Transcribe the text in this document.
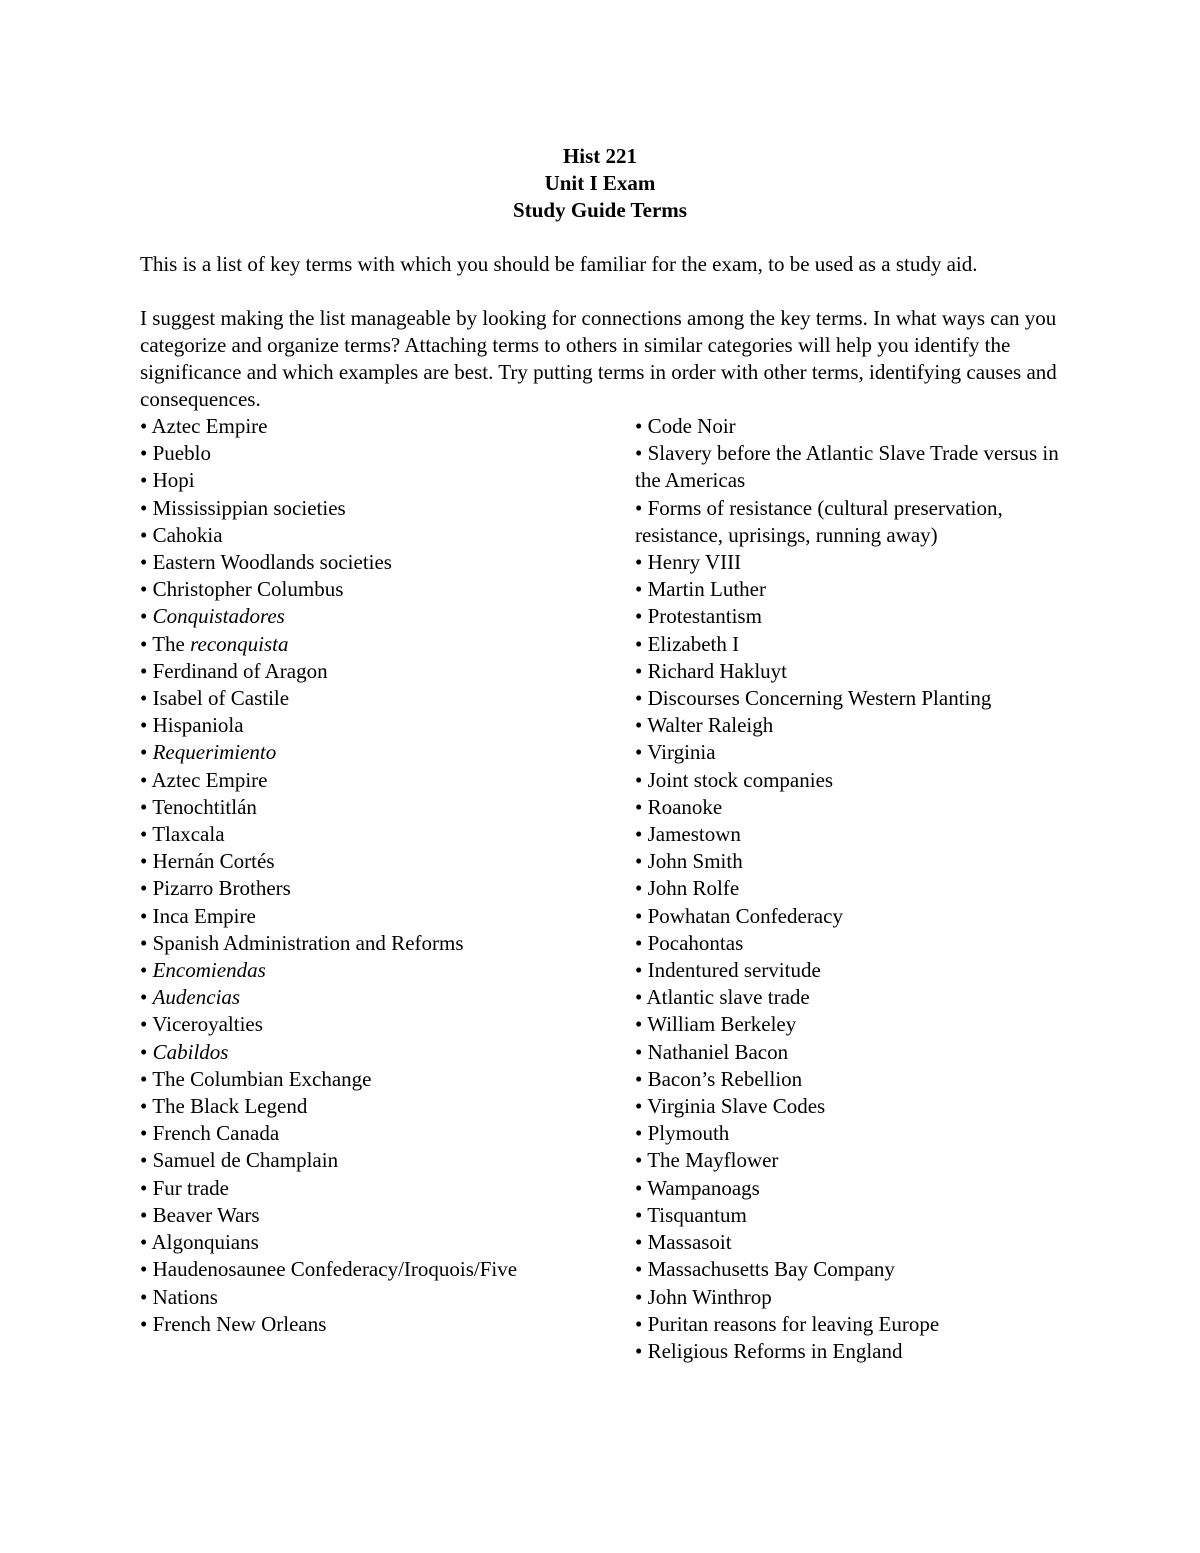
Hist 221
Unit I Exam
Study Guide Terms

This is a list of key terms with which you should be familiar for the exam, to be used as a study aid.

I suggest making the list manageable by looking for connections among the key terms. In what ways can you categorize and organize terms? Attaching terms to others in similar categories will help you identify the significance and which examples are best. Try putting terms in order with other terms, identifying causes and consequences.

• Aztec Empire
• Pueblo
• Hopi
• Mississippian societies
• Cahokia
• Eastern Woodlands societies
• Christopher Columbus
• Conquistadores
• The reconquista
• Ferdinand of Aragon
• Isabel of Castile
• Hispaniola
• Requerimiento
• Aztec Empire
• Tenochtitlán
• Tlaxcala
• Hernán Cortés
• Pizarro Brothers
• Inca Empire
• Spanish Administration and Reforms
• Encomiendas
• Audencias
• Viceroyalties
• Cabildos
• The Columbian Exchange
• The Black Legend
• French Canada
• Samuel de Champlain
• Fur trade
• Beaver Wars
• Algonquians
• Haudenosaunee Confederacy/Iroquois/Five
• Nations
• French New Orleans
• Code Noir
• Slavery before the Atlantic Slave Trade versus in the Americas
• Forms of resistance (cultural preservation, resistance, uprisings, running away)
• Henry VIII
• Martin Luther
• Protestantism
• Elizabeth I
• Richard Hakluyt
• Discourses Concerning Western Planting
• Walter Raleigh
• Virginia
• Joint stock companies
• Roanoke
• Jamestown
• John Smith
• John Rolfe
• Powhatan Confederacy
• Pocahontas
• Indentured servitude
• Atlantic slave trade
• William Berkeley
• Nathaniel Bacon
• Bacon’s Rebellion
• Virginia Slave Codes
• Plymouth
• The Mayflower
• Wampanoags
• Tisquantum
• Massasoit
• Massachusetts Bay Company
• John Winthrop
• Puritan reasons for leaving Europe
• Religious Reforms in England
